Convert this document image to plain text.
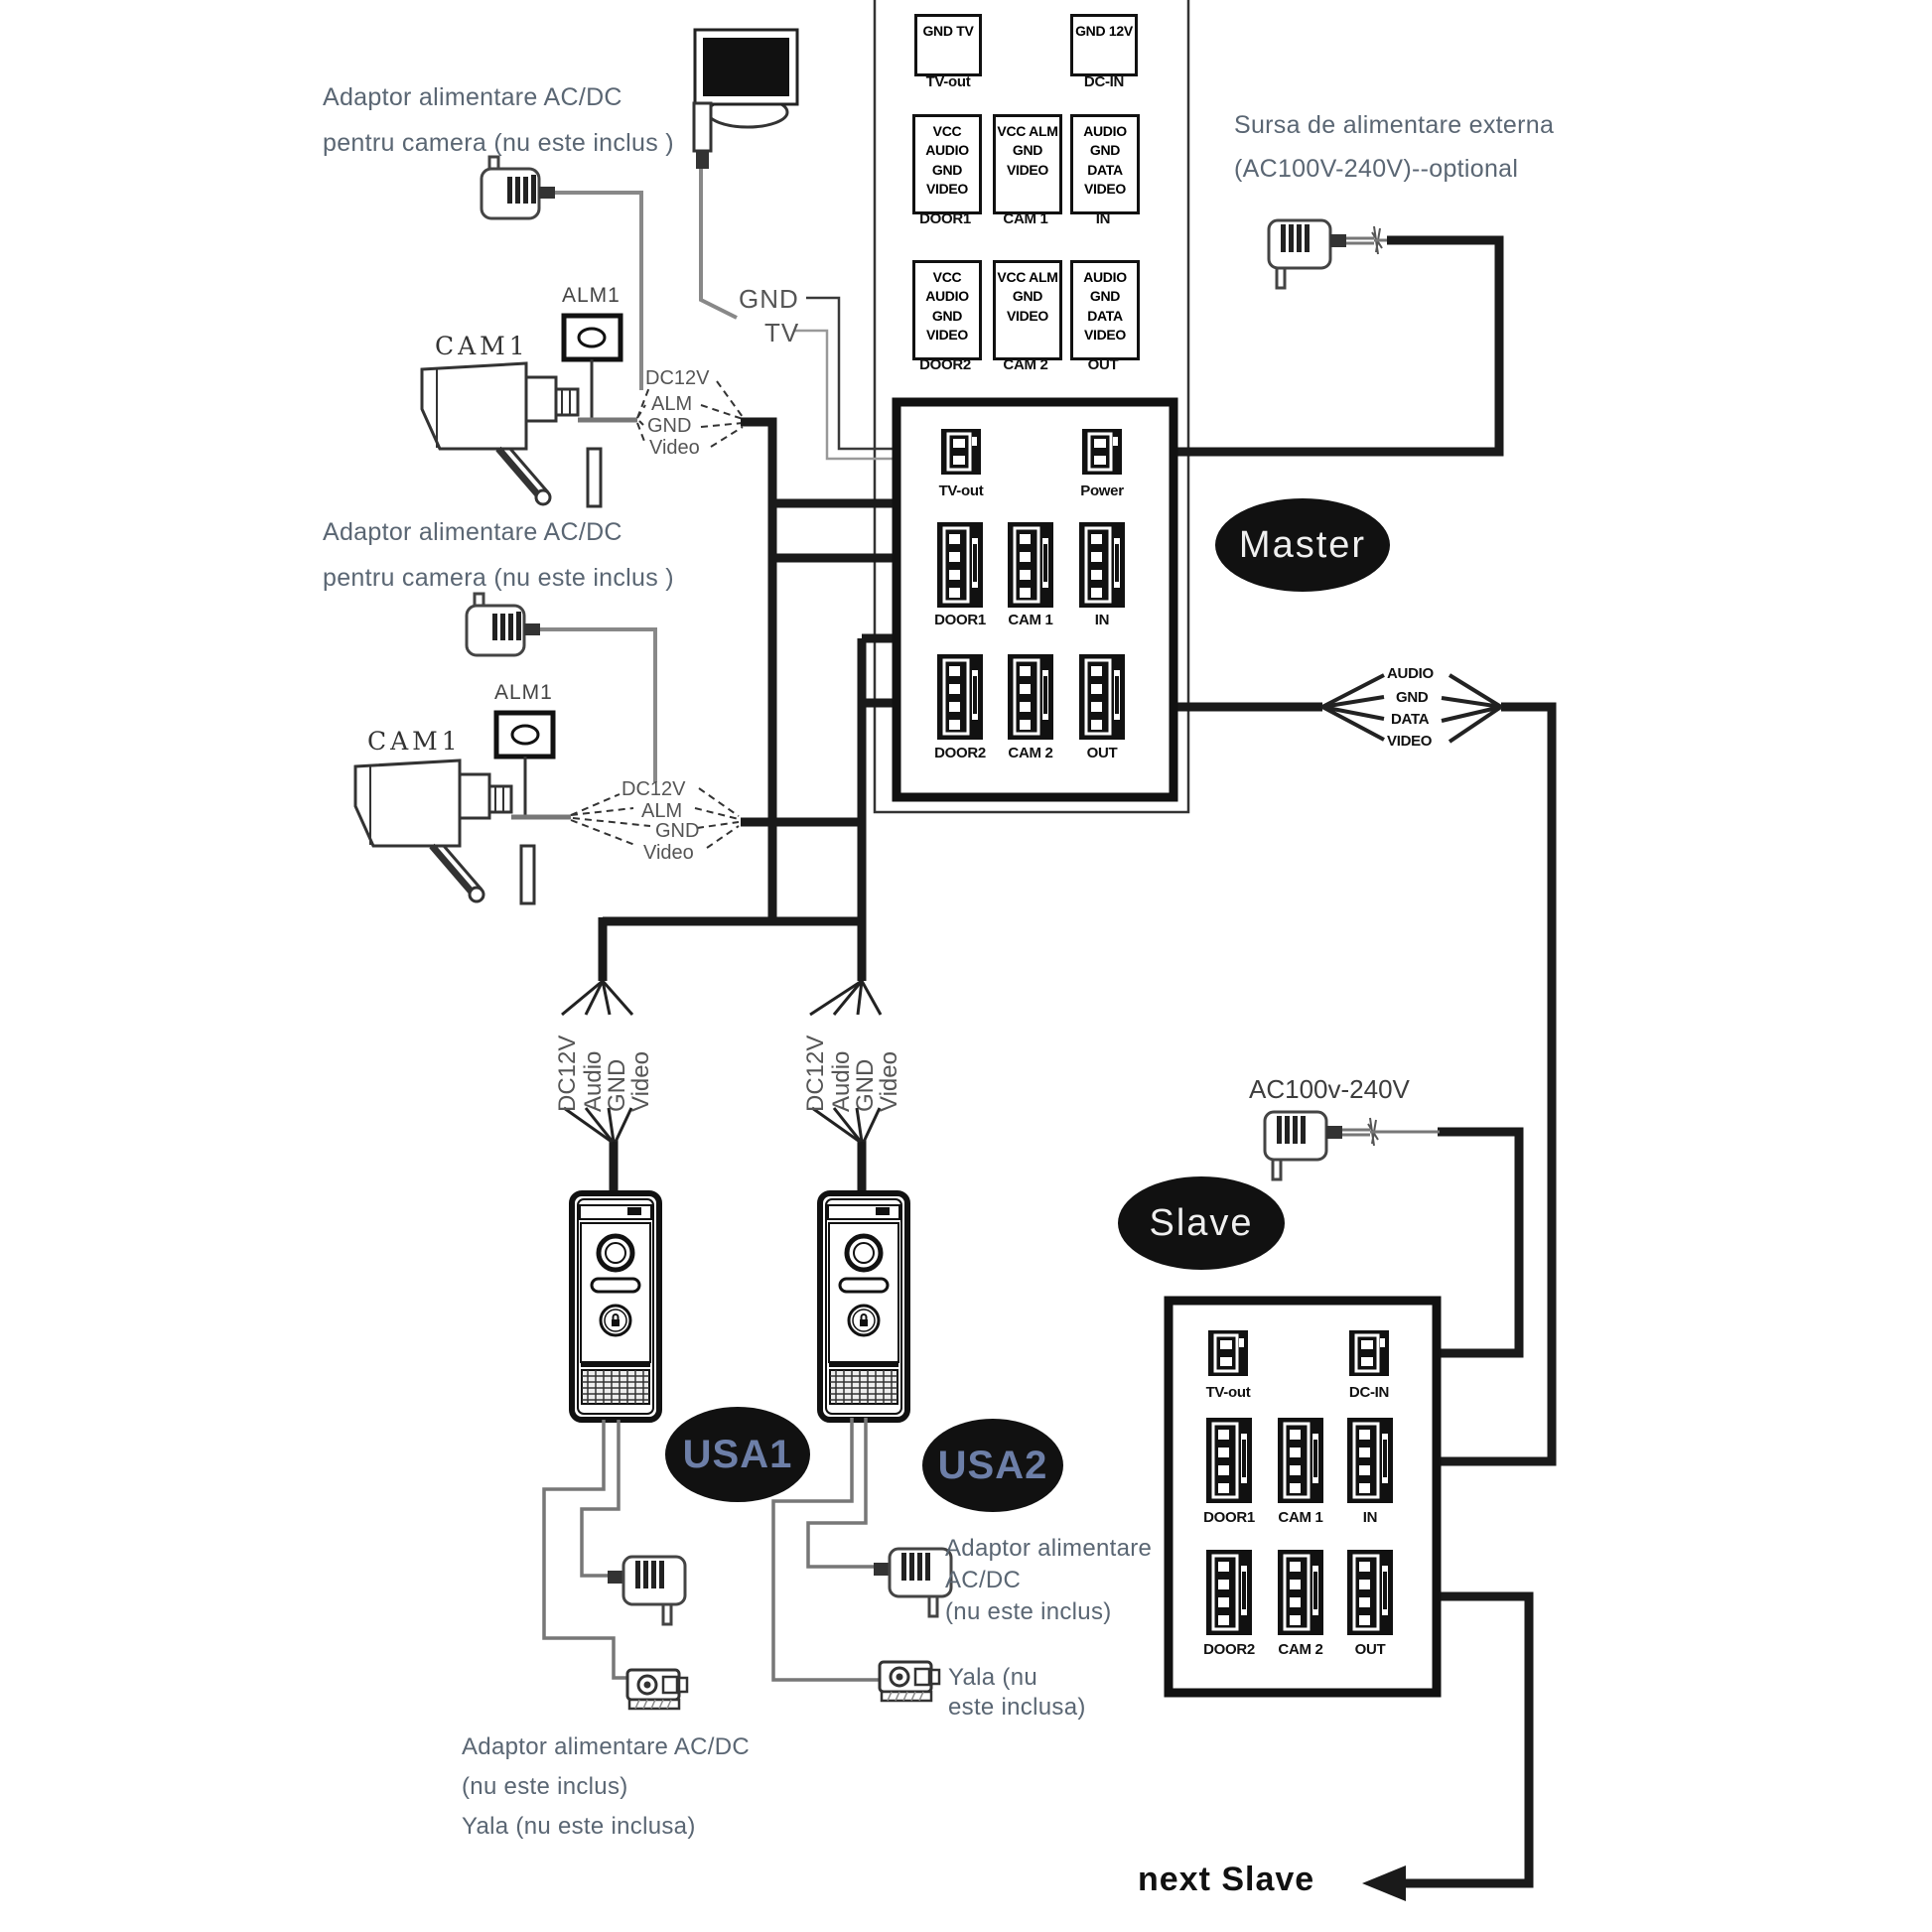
GND TV
TV-out
GND 12V
DC-IN
VCC AUDIO GND VIDEO
DOOR1
VCC ALM GND VIDEO
CAM 1
AUDIO GND DATA VIDEO
IN
VCC AUDIO GND VIDEO
DOOR2
VCC ALM GND VIDEO
CAM 2
AUDIO GND DATA VIDEO
OUT
Adaptor alimentare AC/DC
pentru camera (nu este inclus )
Adaptor alimentare AC/DC
pentru camera (nu este inclus )
Sursa de alimentare externa
(AC100V-240V)--optional
CAM1
ALM1
CAM1
ALM1
DC12V
ALM
GND
Video
DC12V
ALM
GND
Video
GND
TV
TV-out	Power
DOOR1	CAM 1	IN
DOOR2	CAM 2	OUT
AUDIO
GND
DATA
VIDEO
Master
Slave
USA1	USA2
DC12V Audio
GND
Video	DC12V Audio
GND
Video	AC100v-240V
TV-out	DC-IN
DOOR1	CAM 1	IN
DOOR2	CAM 2	OUT
Adaptor alimentare
AC/DC
(nu este inclus)
Yala (nu
este inclusa)
Adaptor alimentare AC/DC
(nu este inclus)
Yala (nu este inclusa)
next Slave
